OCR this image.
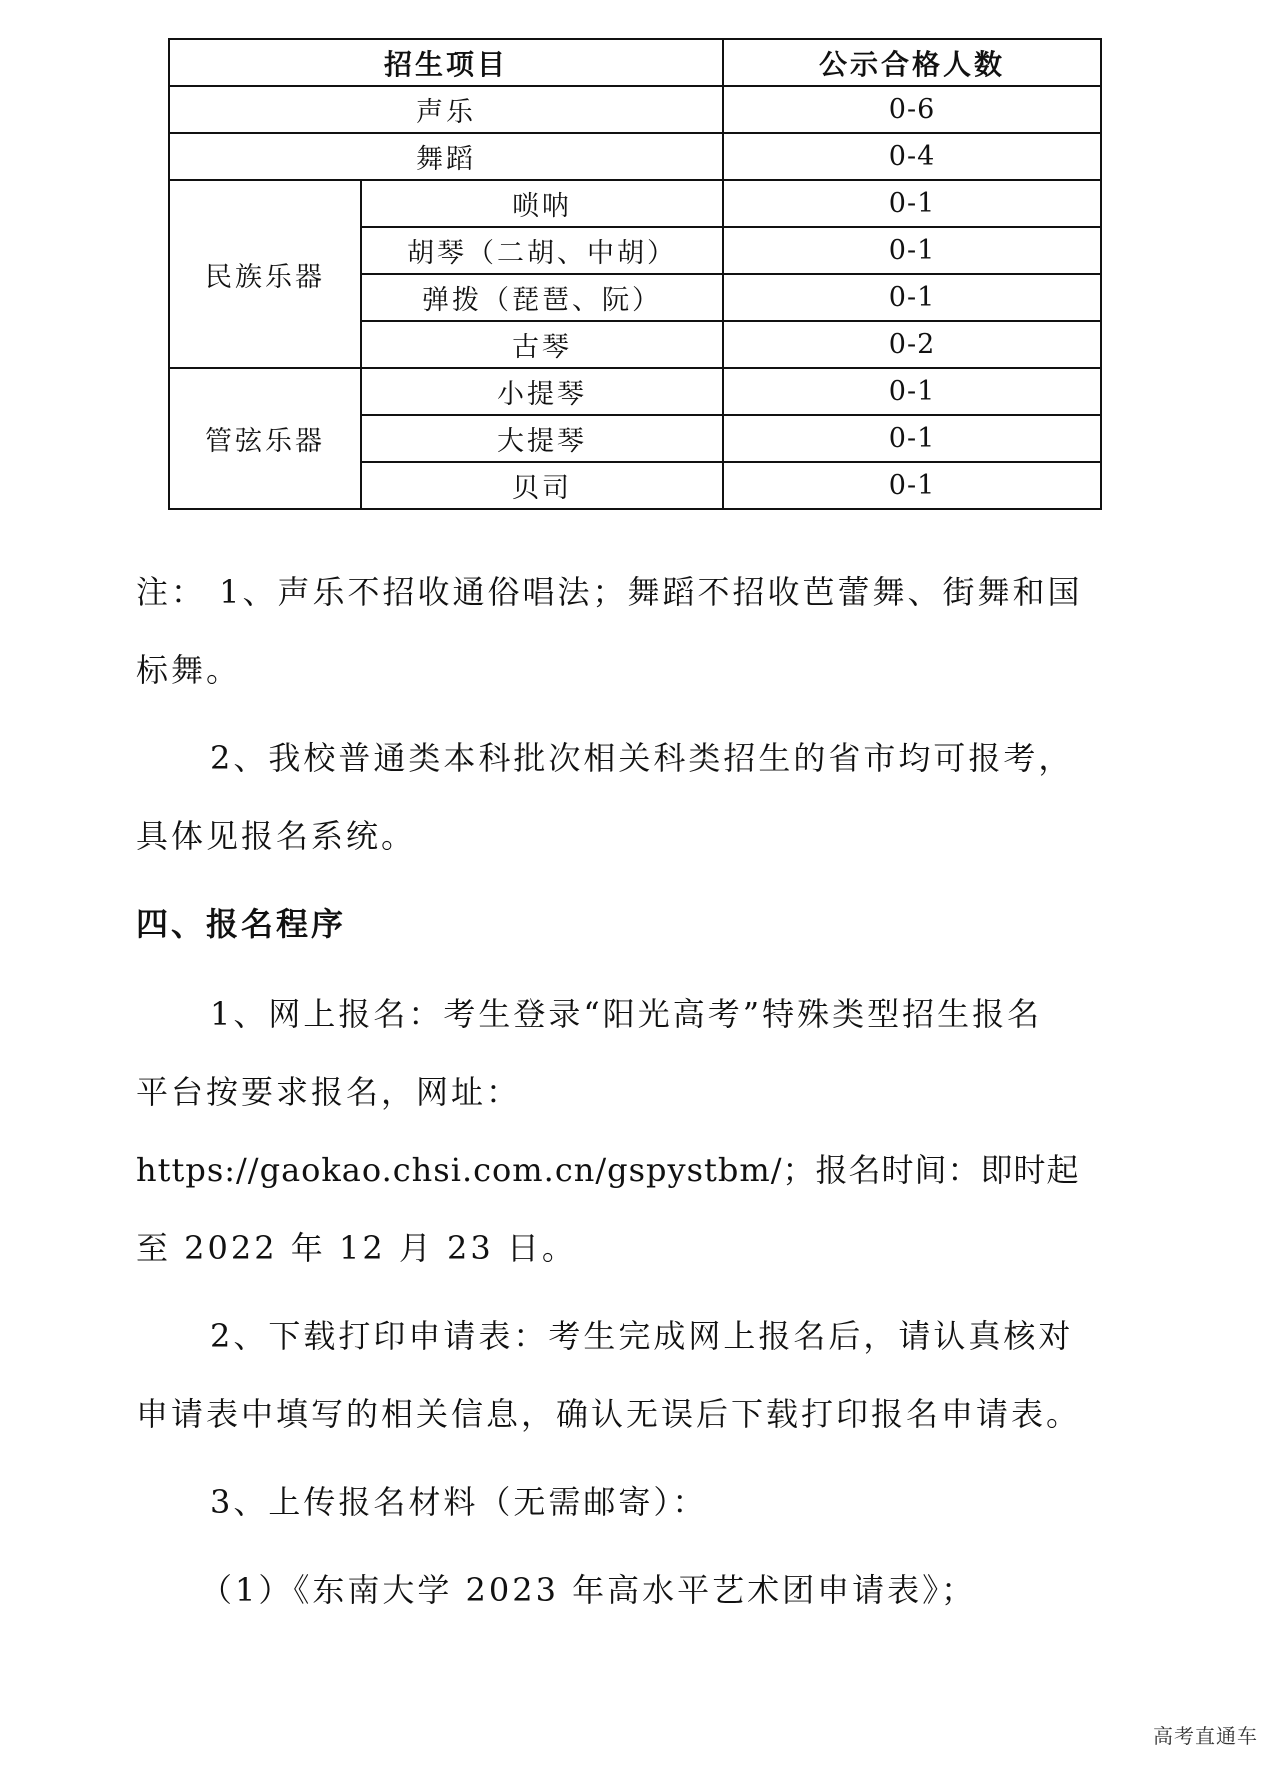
招生项目		公示合格人数
声乐		0-6
舞蹈		0-4
民族乐器	唢呐	0-1
	胡琴（二胡、中胡）	0-1
	弹拨（琵琶、阮）	0-1
	古琴	0-2
管弦乐器	小提琴	0-1
	大提琴	0-1
	贝司	0-1
注： 1、声乐不招收通俗唱法；舞蹈不招收芭蕾舞、街舞和国
标舞。
2、我校普通类本科批次相关科类招生的省市均可报考，
具体见报名系统。
四、报名程序
1、网上报名：考生登录“阳光高考”特殊类型招生报名
平台按要求报名，网址：
https://gaokao.chsi.com.cn/gspystbm/；报名时间：即时起
至 2022 年 12 月 23 日。
2、下载打印申请表：考生完成网上报名后，请认真核对
申请表中填写的相关信息，确认无误后下载打印报名申请表。
3、上传报名材料（无需邮寄）：
（1）《东南大学 2023 年高水平艺术团申请表》；
高考直通车
